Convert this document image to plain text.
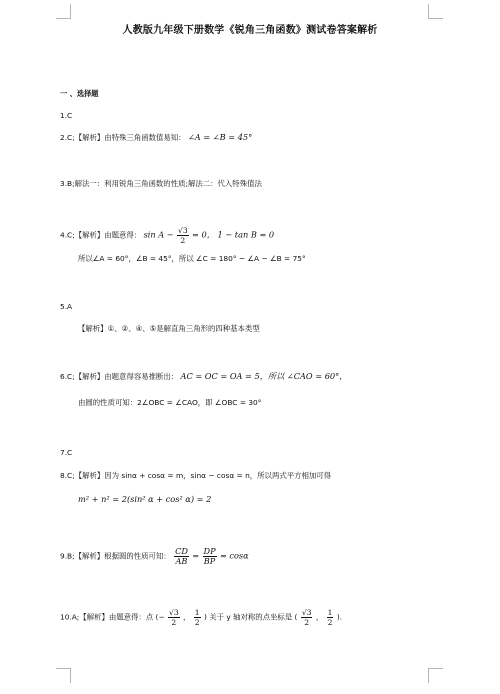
人教版九年级下册数学《锐角三角函数》测试卷答案解析
一 、选择题
1.C
2.C;【解析】由特殊三角函数值易知： ∠A = ∠B = 45°
3.B;解法一：利用锐角三角函数的性质;解法二：代入特殊值法
4.C;【解析】由题意得： $\sin A - \frac{√3}{2} = 0$， 1 − tan B = 0
所以∠A = 60°，∠B = 45°，所以 ∠C = 180° − ∠A − ∠B = 75°
5.A
【解析】①、②、④、⑤是解直角三角形的四种基本类型
6.C;【解析】由题意得容易推断出： AC = OC = OA = 5，所以 ∠CAO = 60°，
由圆的性质可知：2∠OBC = ∠CAO，即 ∠OBC = 30°
7.C
8.C;【解析】因为 sinα + cosα = m，sinα − cosα = n，所以两式平方相加可得
m² + n² = 2(sin² α + cos² α) = 2
9.B;【解析】根据圆的性质可知： $\frac{CD}{AB} = \frac{DP}{BP} = \cos\alpha$
10.A;【解析】由题意得：点 (− $\frac{√3}{2}$ ， $\frac{1}{2}$ ) 关于 y 轴对称的点坐标是 ( $\frac{√3}{2}$ ， $\frac{1}{2}$ ).
